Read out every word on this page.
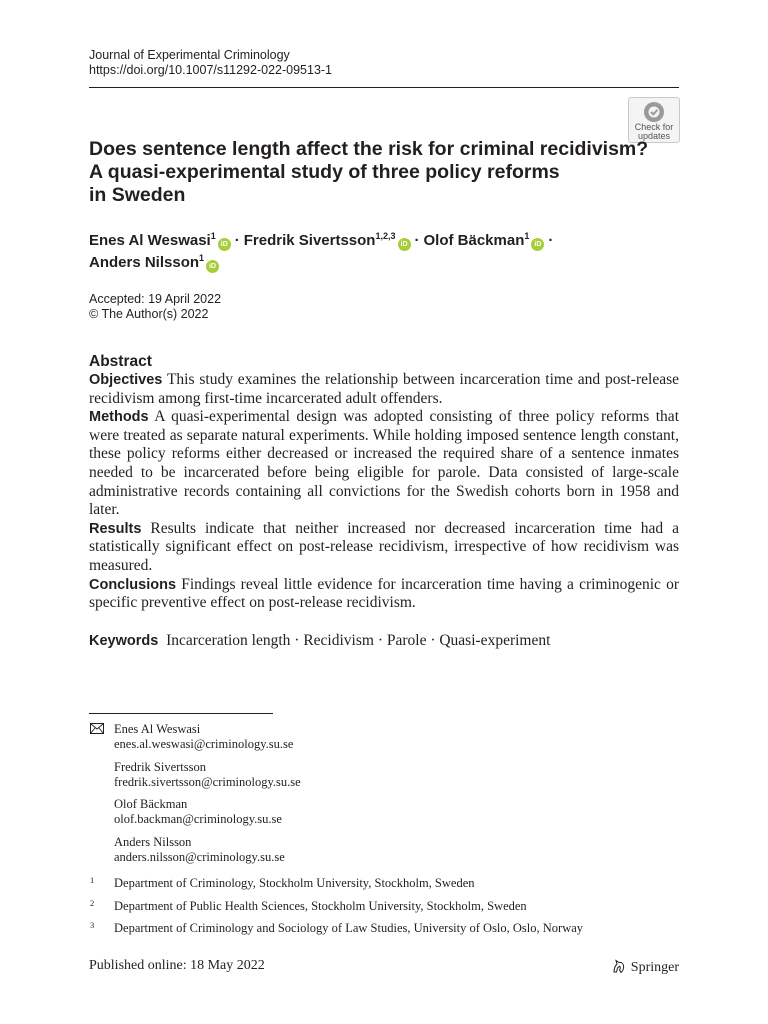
Journal of Experimental Criminology
https://doi.org/10.1007/s11292-022-09513-1
Check for
updates
Does sentence length affect the risk for criminal recidivism?
A quasi-experimental study of three policy reforms
in Sweden
Enes Al Weswasi$^1$iD · Fredrik Sivertsson$^{1,2,3}$iD · Olof Bäckman$^1$iD ·
Anders Nilsson$^1$iD
Accepted: 19 April 2022
© The Author(s) 2022
Abstract

Objectives This study examines the relationship between incarceration time and post-release recidivism among first-time incarcerated adult offenders.

Methods A quasi-experimental design was adopted consisting of three policy reforms that were treated as separate natural experiments. While holding imposed sentence length constant, these policy reforms either decreased or increased the required share of a sentence inmates needed to be incarcerated before being eligible for parole. Data consisted of large-scale administrative records containing all convictions for the Swedish cohorts born in 1958 and later.

Results Results indicate that neither increased nor decreased incarceration time had a statistically significant effect on post-release recidivism, irrespective of how recidivism was measured.

Conclusions Findings reveal little evidence for incarceration time having a criminogenic or specific preventive effect on post-release recidivism.

Keywords Incarceration length · Recidivism · Parole · Quasi-experiment
Enes Al Weswasi
enes.al.weswasi@criminology.su.se
Fredrik Sivertsson
fredrik.sivertsson@criminology.su.se
Olof Bäckman
olof.backman@criminology.su.se
Anders Nilsson
anders.nilsson@criminology.su.se
1 Department of Criminology, Stockholm University, Stockholm, Sweden
2 Department of Public Health Sciences, Stockholm University, Stockholm, Sweden
3 Department of Criminology and Sociology of Law Studies, University of Oslo, Oslo, Norway
Published online: 18 May 2022	Springer
